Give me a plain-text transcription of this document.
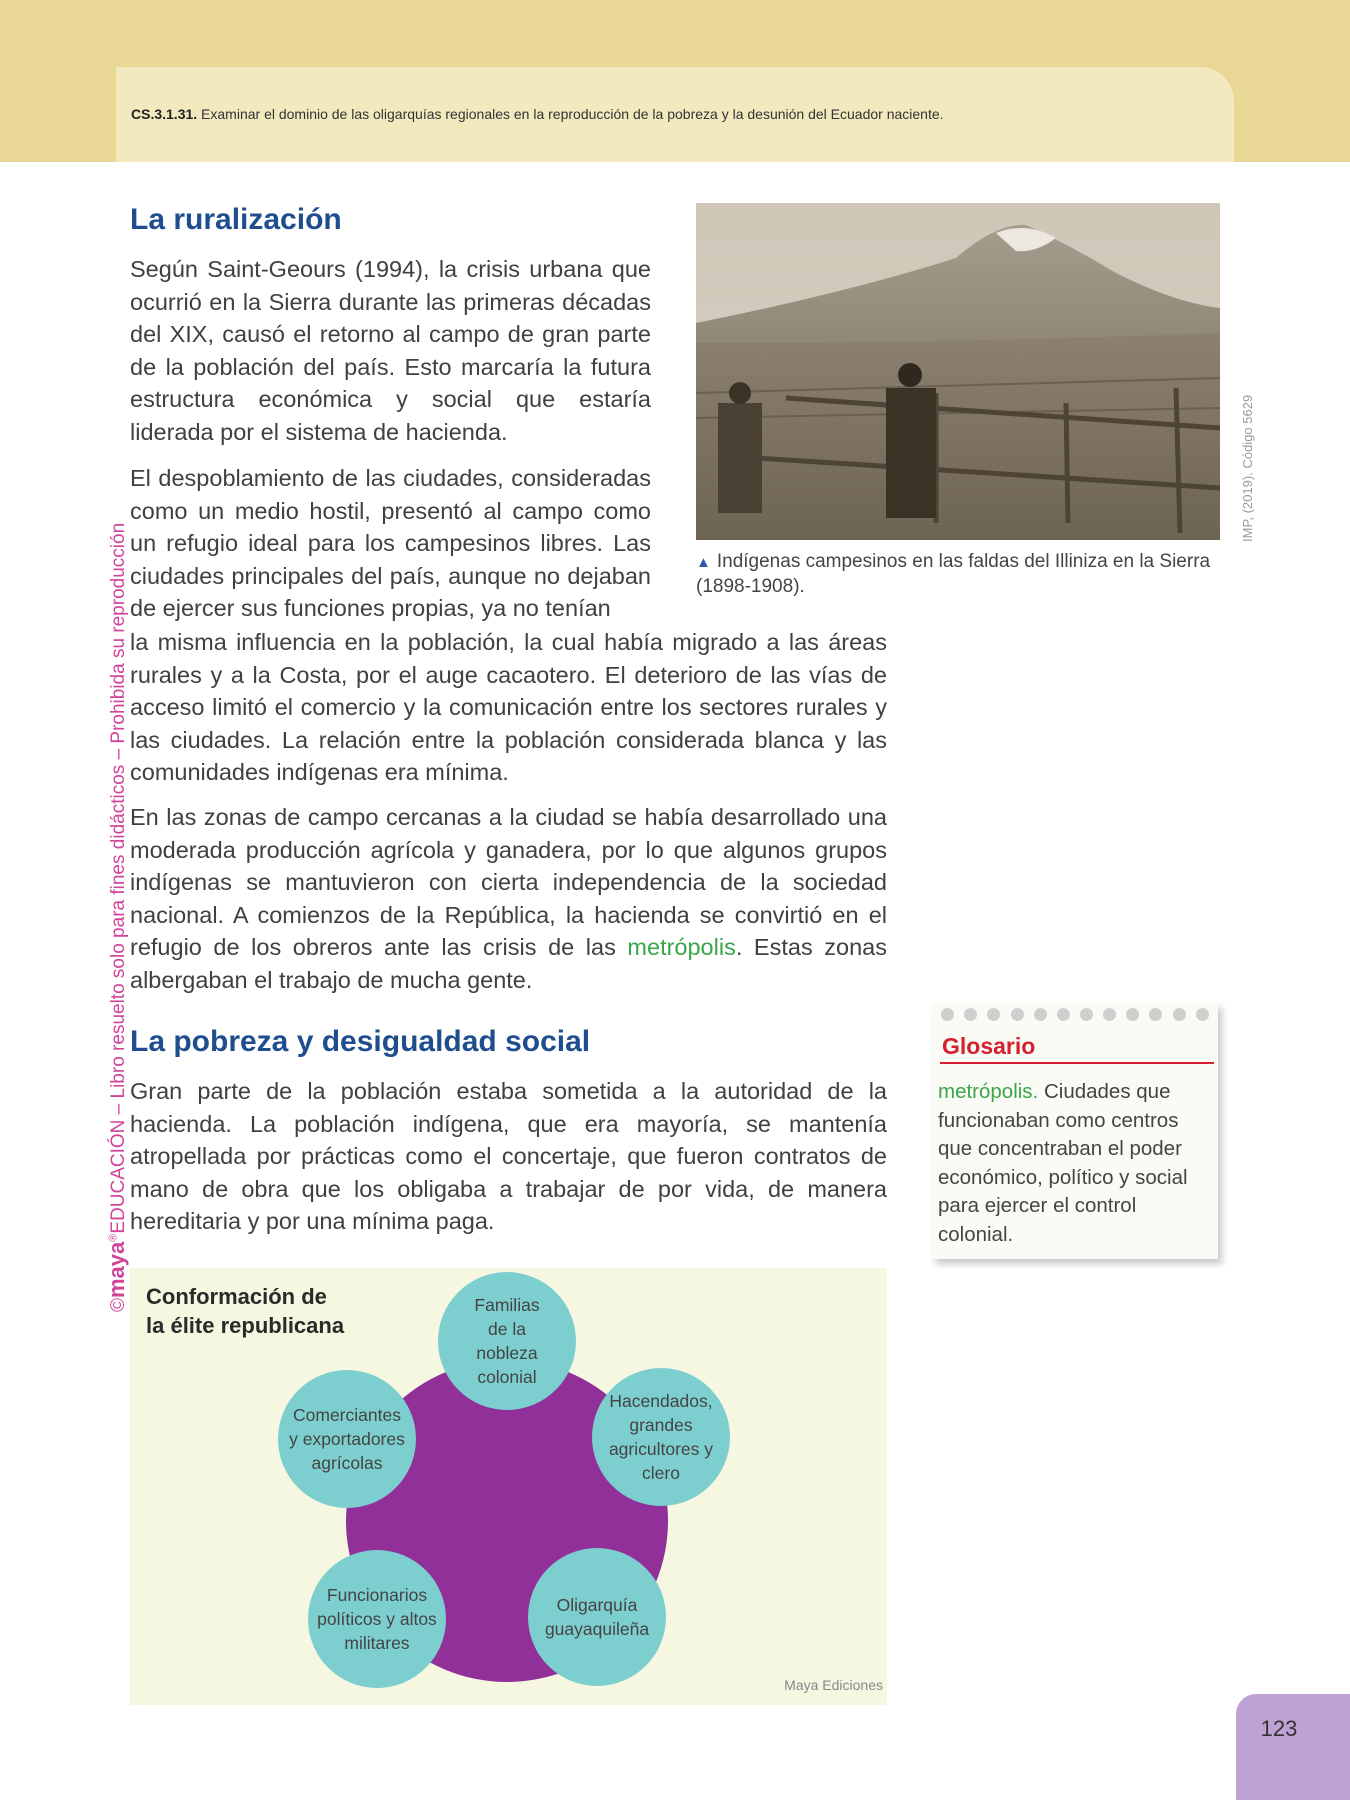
CS.3.1.31. Examinar el dominio de las oligarquías regionales en la reproducción de la pobreza y la desunión del Ecuador naciente.
©maya®EDUCACIÓN – Libro resuelto solo para fines didácticos – Prohibida su reproducción
La ruralización

Según Saint-Geours (1994), la crisis urbana que ocurrió en la Sierra durante las primeras décadas del XIX, causó el retorno al campo de gran parte de la población del país. Esto marcaría la futura estructura económica y social que estaría liderada por el sistema de hacienda.

El despoblamiento de las ciudades, consideradas como un medio hostil, presentó al campo como un refugio ideal para los campesinos libres. Las ciudades principales del país, aunque no dejaban de ejercer sus funciones propias, ya no tenían

la misma influencia en la población, la cual había migrado a las áreas rurales y a la Costa, por el auge cacaotero. El deterioro de las vías de acceso limitó el comercio y la comunicación entre los sectores rurales y las ciudades. La relación entre la población considerada blanca y las comunidades indígenas era mínima.

En las zonas de campo cercanas a la ciudad se había desarrollado una moderada producción agrícola y ganadera, por lo que algunos grupos indígenas se mantuvieron con cierta independencia de la sociedad nacional. A comienzos de la República, la hacienda se convirtió en el refugio de los obreros ante las crisis de las metrópolis. Estas zonas albergaban el trabajo de mucha gente.

IMP, (2019). Código 5629
▲ Indígenas campesinos en las faldas del Illiniza en la Sierra (1898-1908).
La pobreza y desigualdad social

Gran parte de la población estaba sometida a la autoridad de la hacienda. La población indígena, que era mayoría, se mantenía atropellada por prácticas como el concertaje, que fueron contratos de mano de obra que los obligaba a trabajar de por vida, de manera hereditaria y por una mínima paga.

Glosario
metrópolis. Ciudades que funcionaban como centros que concentraban el poder económico, político y social para ejercer el control colonial.
Conformación de
la élite republicana
Familias
de la
nobleza
colonial
Hacendados,
grandes
agricultores y
clero
Oligarquía
guayaquileña
Funcionarios
políticos y altos
militares
Comerciantes
y exportadores
agrícolas
Maya Ediciones
123
